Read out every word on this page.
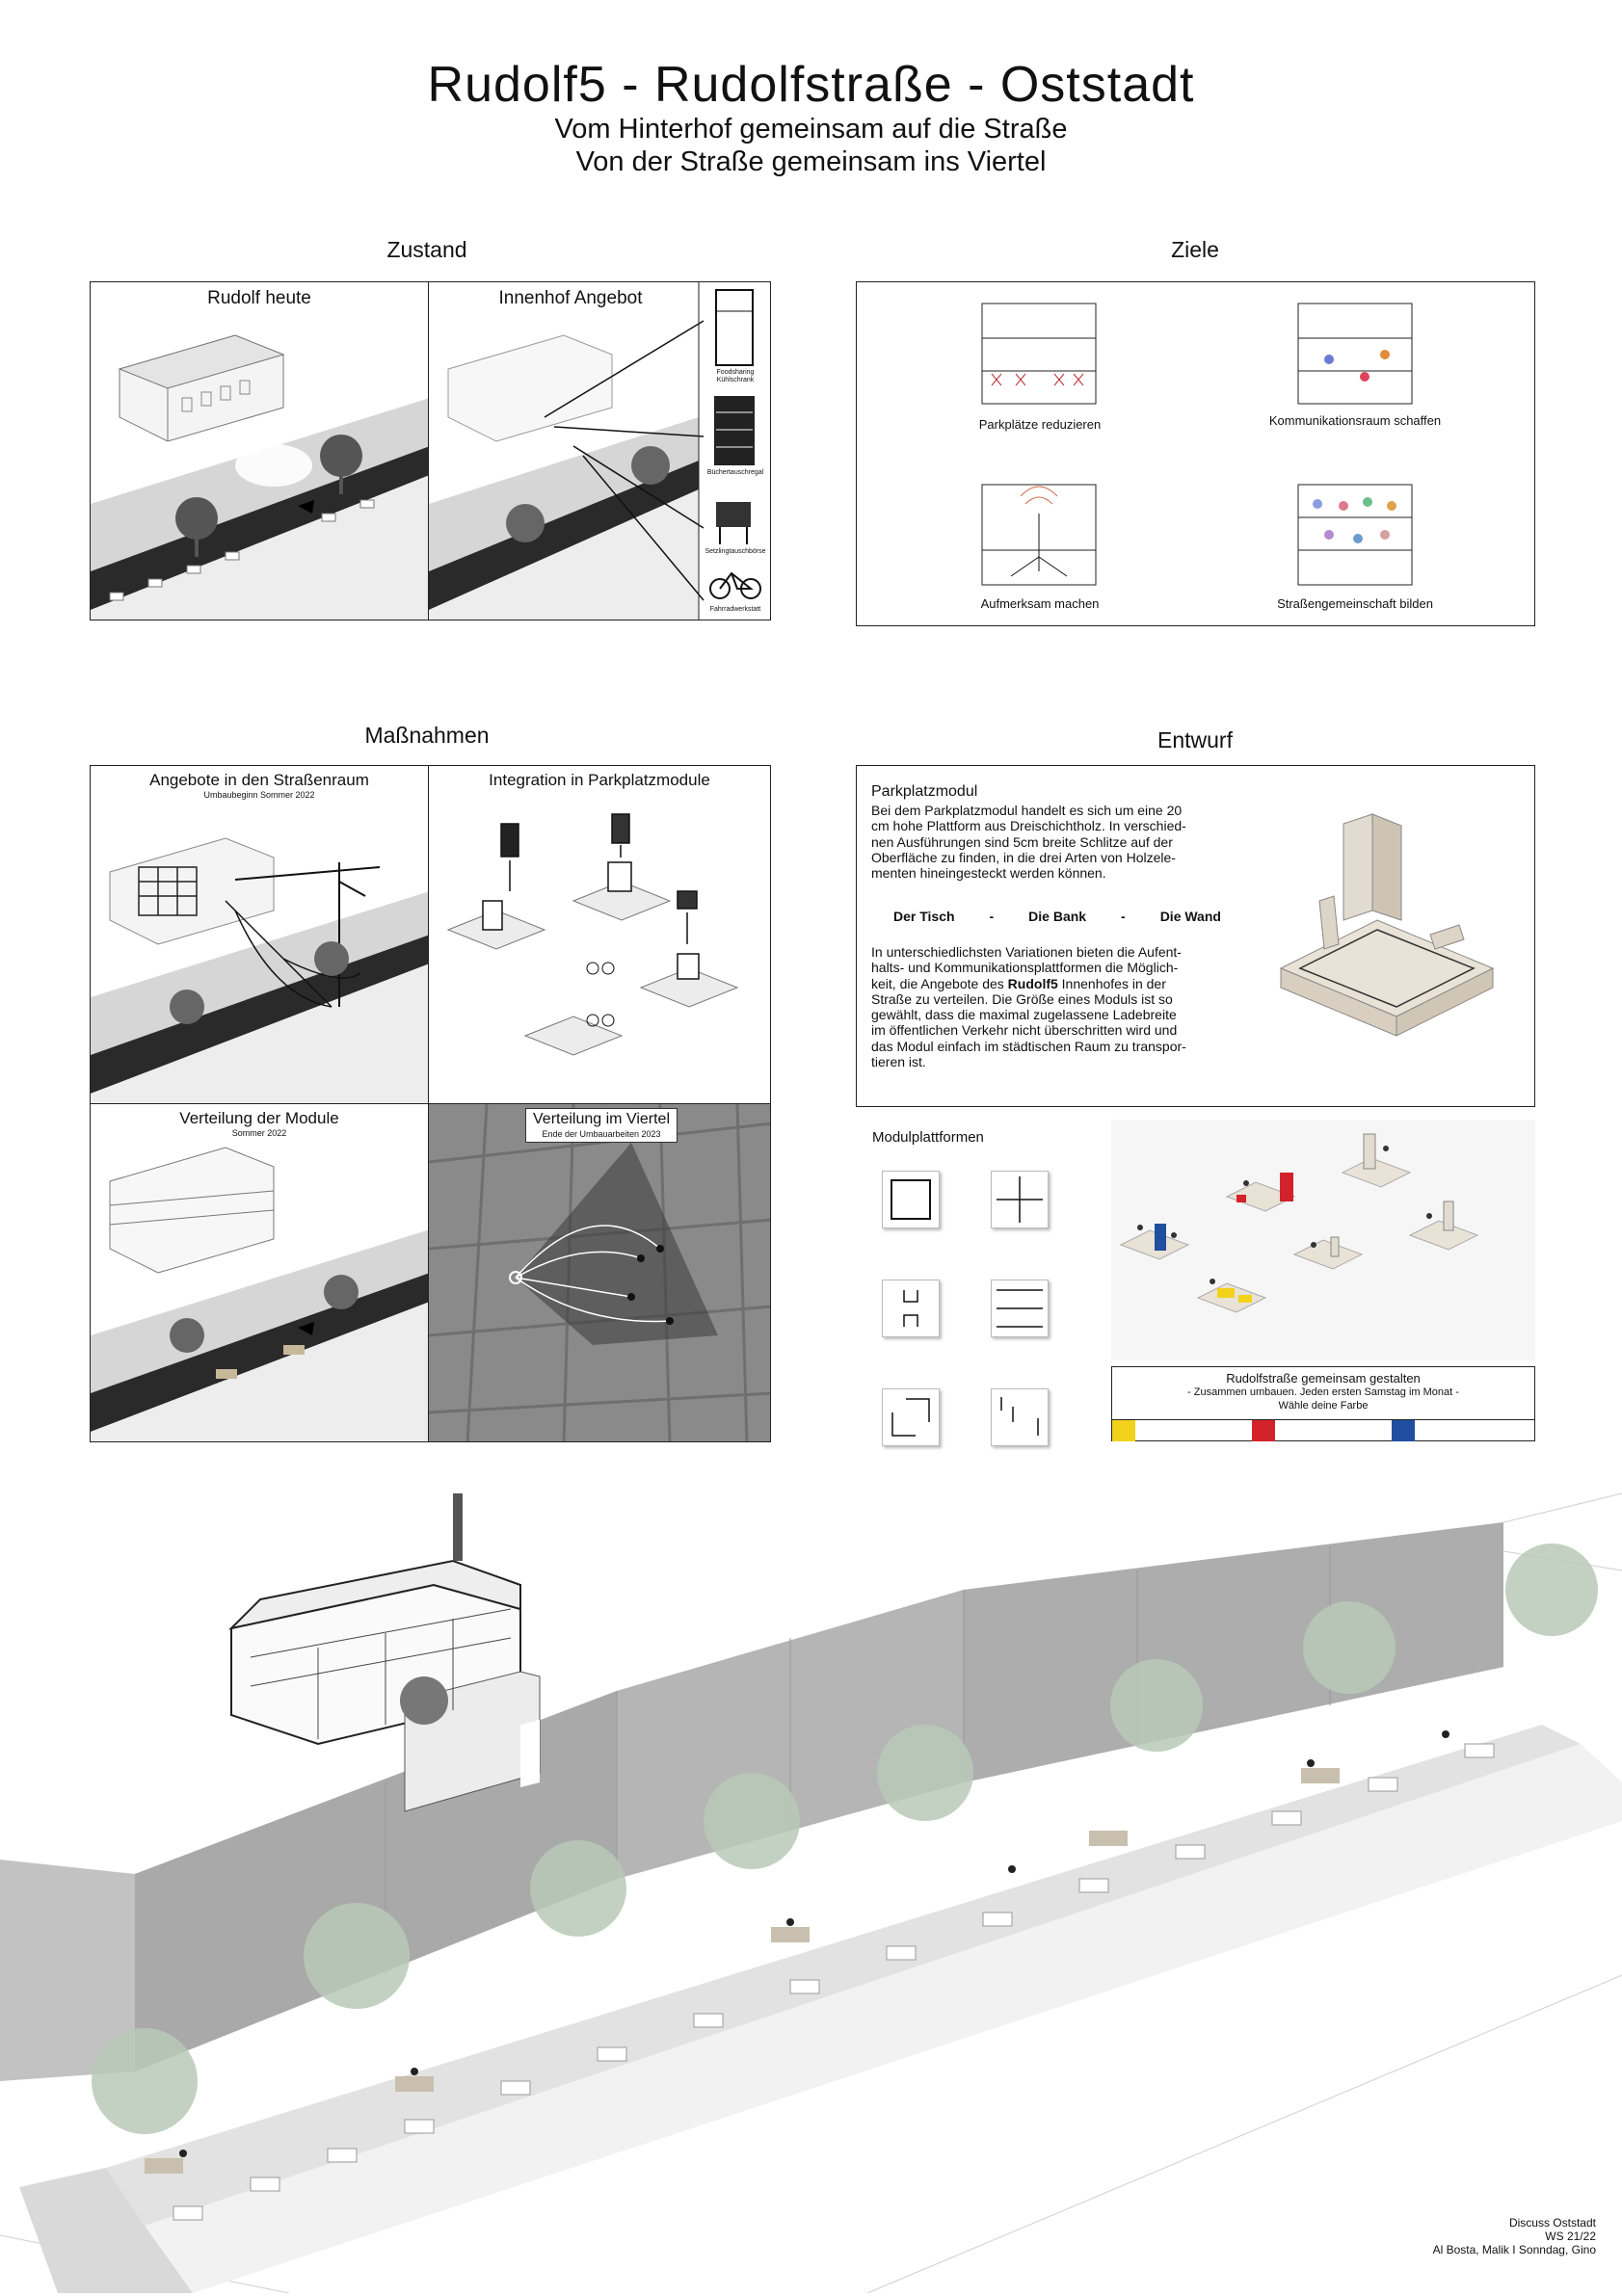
Rudolf5 - Rudolfstraße - Oststadt
Vom Hinterhof gemeinsam auf die Straße
Von der Straße gemeinsam ins Viertel
Zustand	Ziele
Maßnahmen	Entwurf
Rudolf heute	Innenhof Angebot
Foodsharing Kühlschrank
Büchertauschregal
Setzlingtauschbörse
Fahrradwerkstatt
Parkplätze reduzieren	Kommunikationsraum schaffen
Aufmerksam machen	Straßengemeinschaft bilden
Angebote in den Straßenraum
Umbaubeginn Sommer 2022
Integration in Parkplatzmodule
Verteilung der Module
Sommer 2022
Verteilung im Viertel
Ende der Umbauarbeiten 2023
Parkplatzmodul
Bei dem Parkplatzmodul handelt es sich um eine 20
cm hohe Plattform aus Dreischichtholz. In verschied-
nen Ausführungen sind 5cm breite Schlitze auf der
Oberfläche zu finden, in die drei Arten von Holzele-
menten hineingesteckt werden können.
Der Tisch	-	Die Bank	-	Die Wand
In unterschiedlichsten Variationen bieten die Aufent-
halts- und Kommunikationsplattformen die Möglich-
keit, die Angebote des Rudolf5 Innenhofes in der
Straße zu verteilen. Die Größe eines Moduls ist so
gewählt, dass die maximal zugelassene Ladebreite
im öffentlichen Verkehr nicht überschritten wird und
das Modul einfach im städtischen Raum zu transpor-
tieren ist.
Modulplattformen
Rudolfstraße gemeinsam gestalten
- Zusammen umbauen. Jeden ersten Samstag im Monat -
Wähle deine Farbe
Discuss Oststadt
WS 21/22
Al Bosta, Malik I Sonndag, Gino
